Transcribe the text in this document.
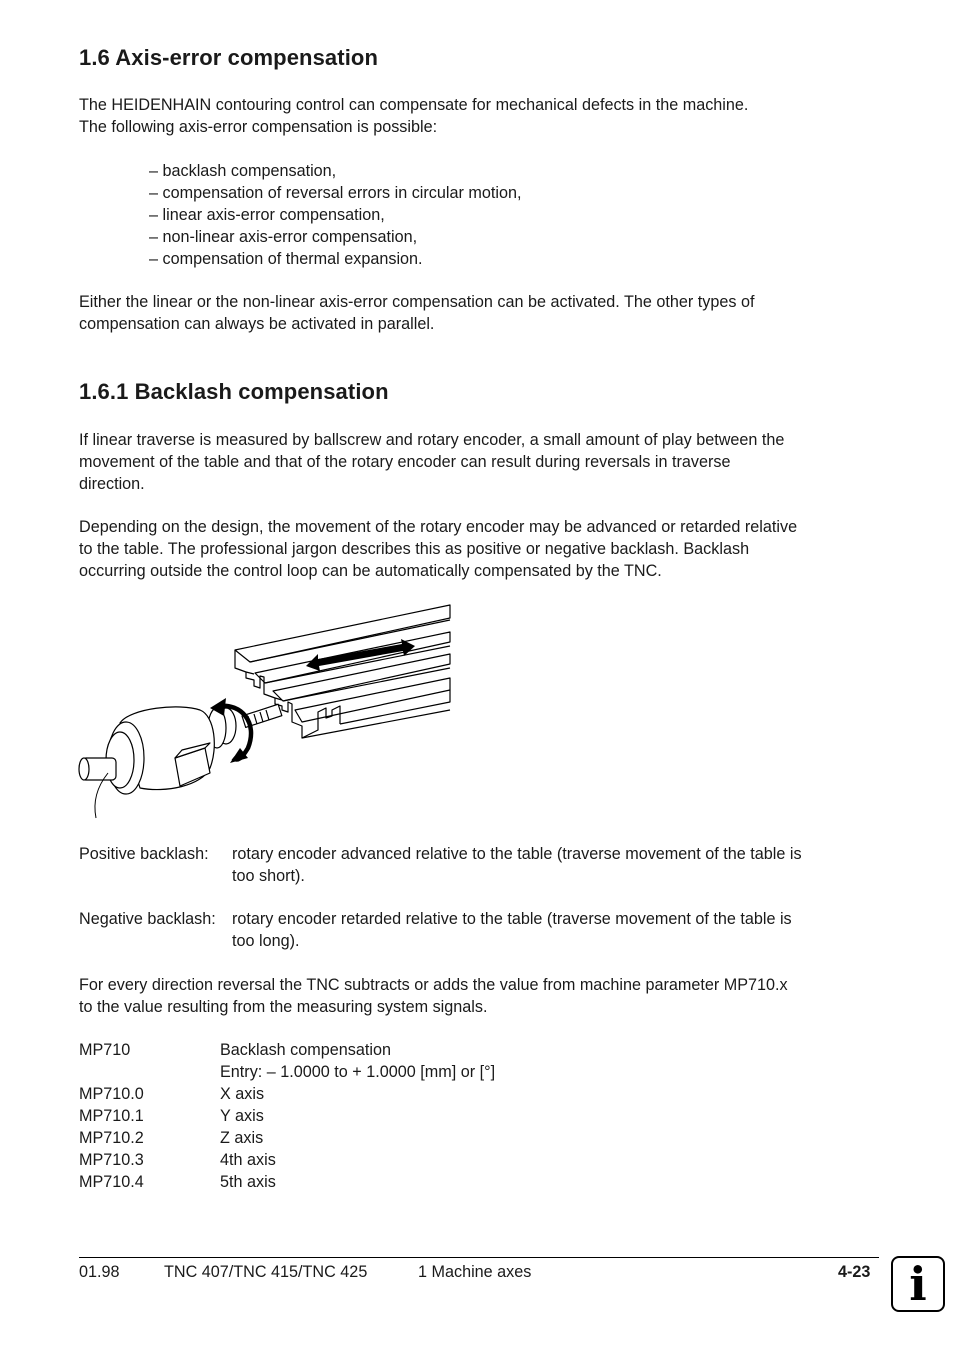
1.6 Axis-error compensation
The HEIDENHAIN contouring control can compensate for mechanical defects in the machine.
The following axis-error compensation is possible:
– backlash compensation,
– compensation of reversal errors in circular motion,
– linear axis-error compensation,
– non-linear axis-error compensation,
– compensation of thermal expansion.
Either the linear or the non-linear axis-error compensation can be activated. The other types of
compensation can always be activated in parallel.
1.6.1 Backlash compensation
If linear traverse is measured by ballscrew and rotary encoder, a small amount of play between the
movement of the table and that of the rotary encoder can result during reversals in traverse
direction.
Depending on the design, the movement of the rotary encoder may be advanced or retarded relative
to the table. The professional jargon describes this as positive or negative backlash. Backlash
occurring outside the control loop can be automatically compensated by the TNC.
Positive backlash: rotary encoder advanced relative to the table (traverse movement of the table is
too short).
Negative backlash: rotary encoder retarded relative to the table (traverse movement of the table is
too long).
For every direction reversal the TNC subtracts or adds the value from machine parameter MP710.x
to the value resulting from the measuring system signals.
MP710	Backlash compensation
Entry: – 1.0000 to + 1.0000 [mm] or [°]
MP710.0	X axis
MP710.1	Y axis
MP710.2	Z axis
MP710.3	4th axis
MP710.4	5th axis
01.98	TNC 407/TNC 415/TNC 425	1 Machine axes	4-23 i
